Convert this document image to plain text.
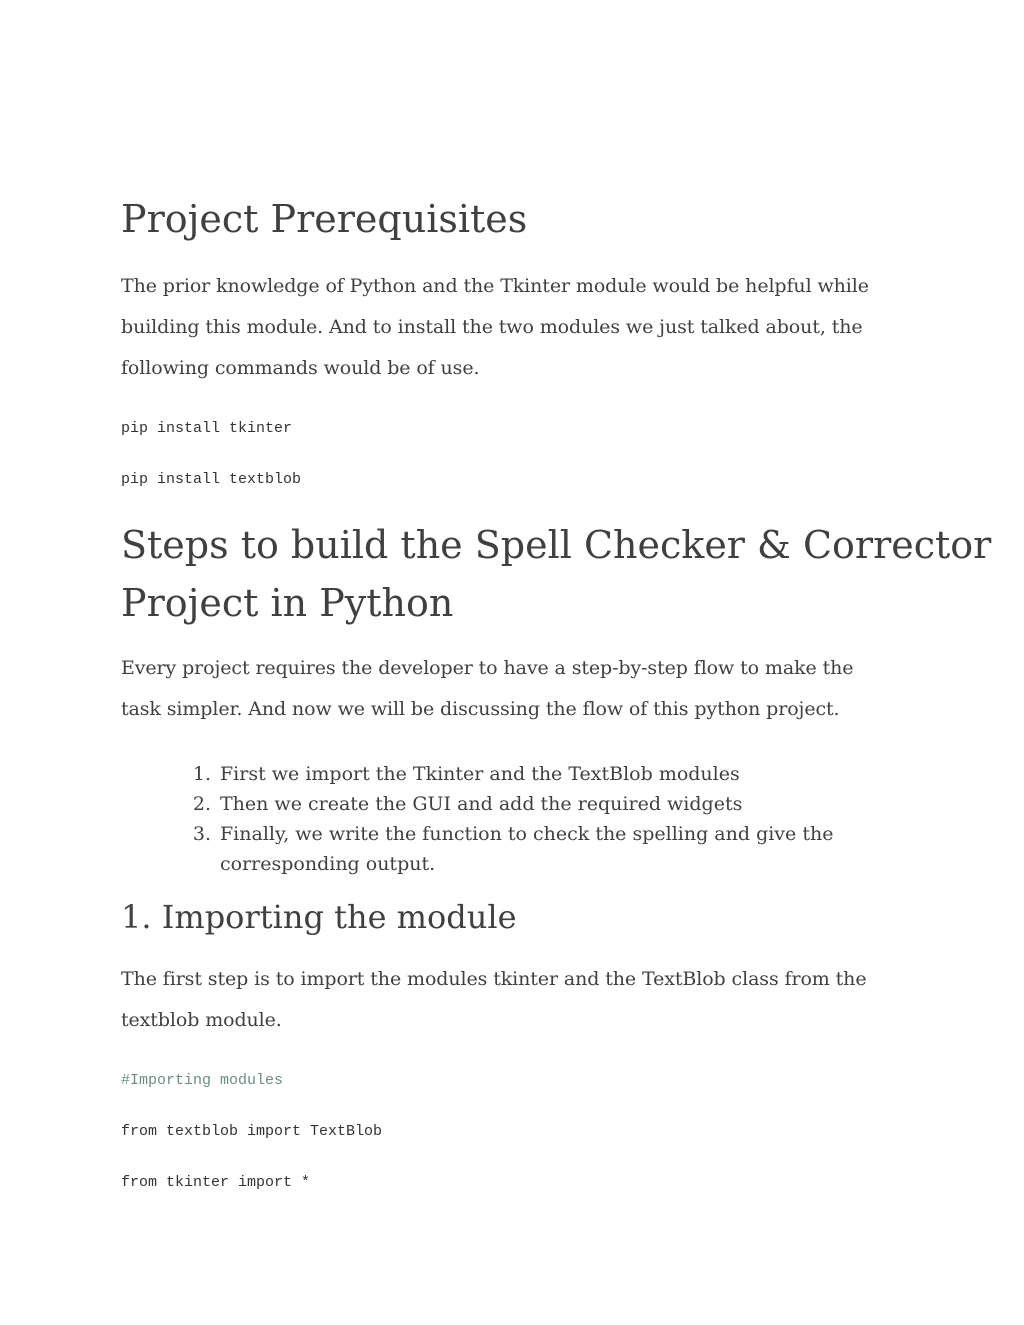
Project Prerequisites

The prior knowledge of Python and the Tkinter module would be helpful while
building this module. And to install the two modules we just talked about, the
following commands would be of use.

pip install tkinter
pip install textblob
Steps to build the Spell Checker & Corrector
Project in Python

Every project requires the developer to have a step-by-step flow to make the
task simpler. And now we will be discussing the flow of this python project.

1. First we import the Tkinter and the TextBlob modules
2. Then we create the GUI and add the required widgets
3. Finally, we write the function to check the spelling and give the
corresponding output.
1. Importing the module

The first step is to import the modules tkinter and the TextBlob class from the
textblob module.

#Importing modules
from textblob import TextBlob
from tkinter import *
